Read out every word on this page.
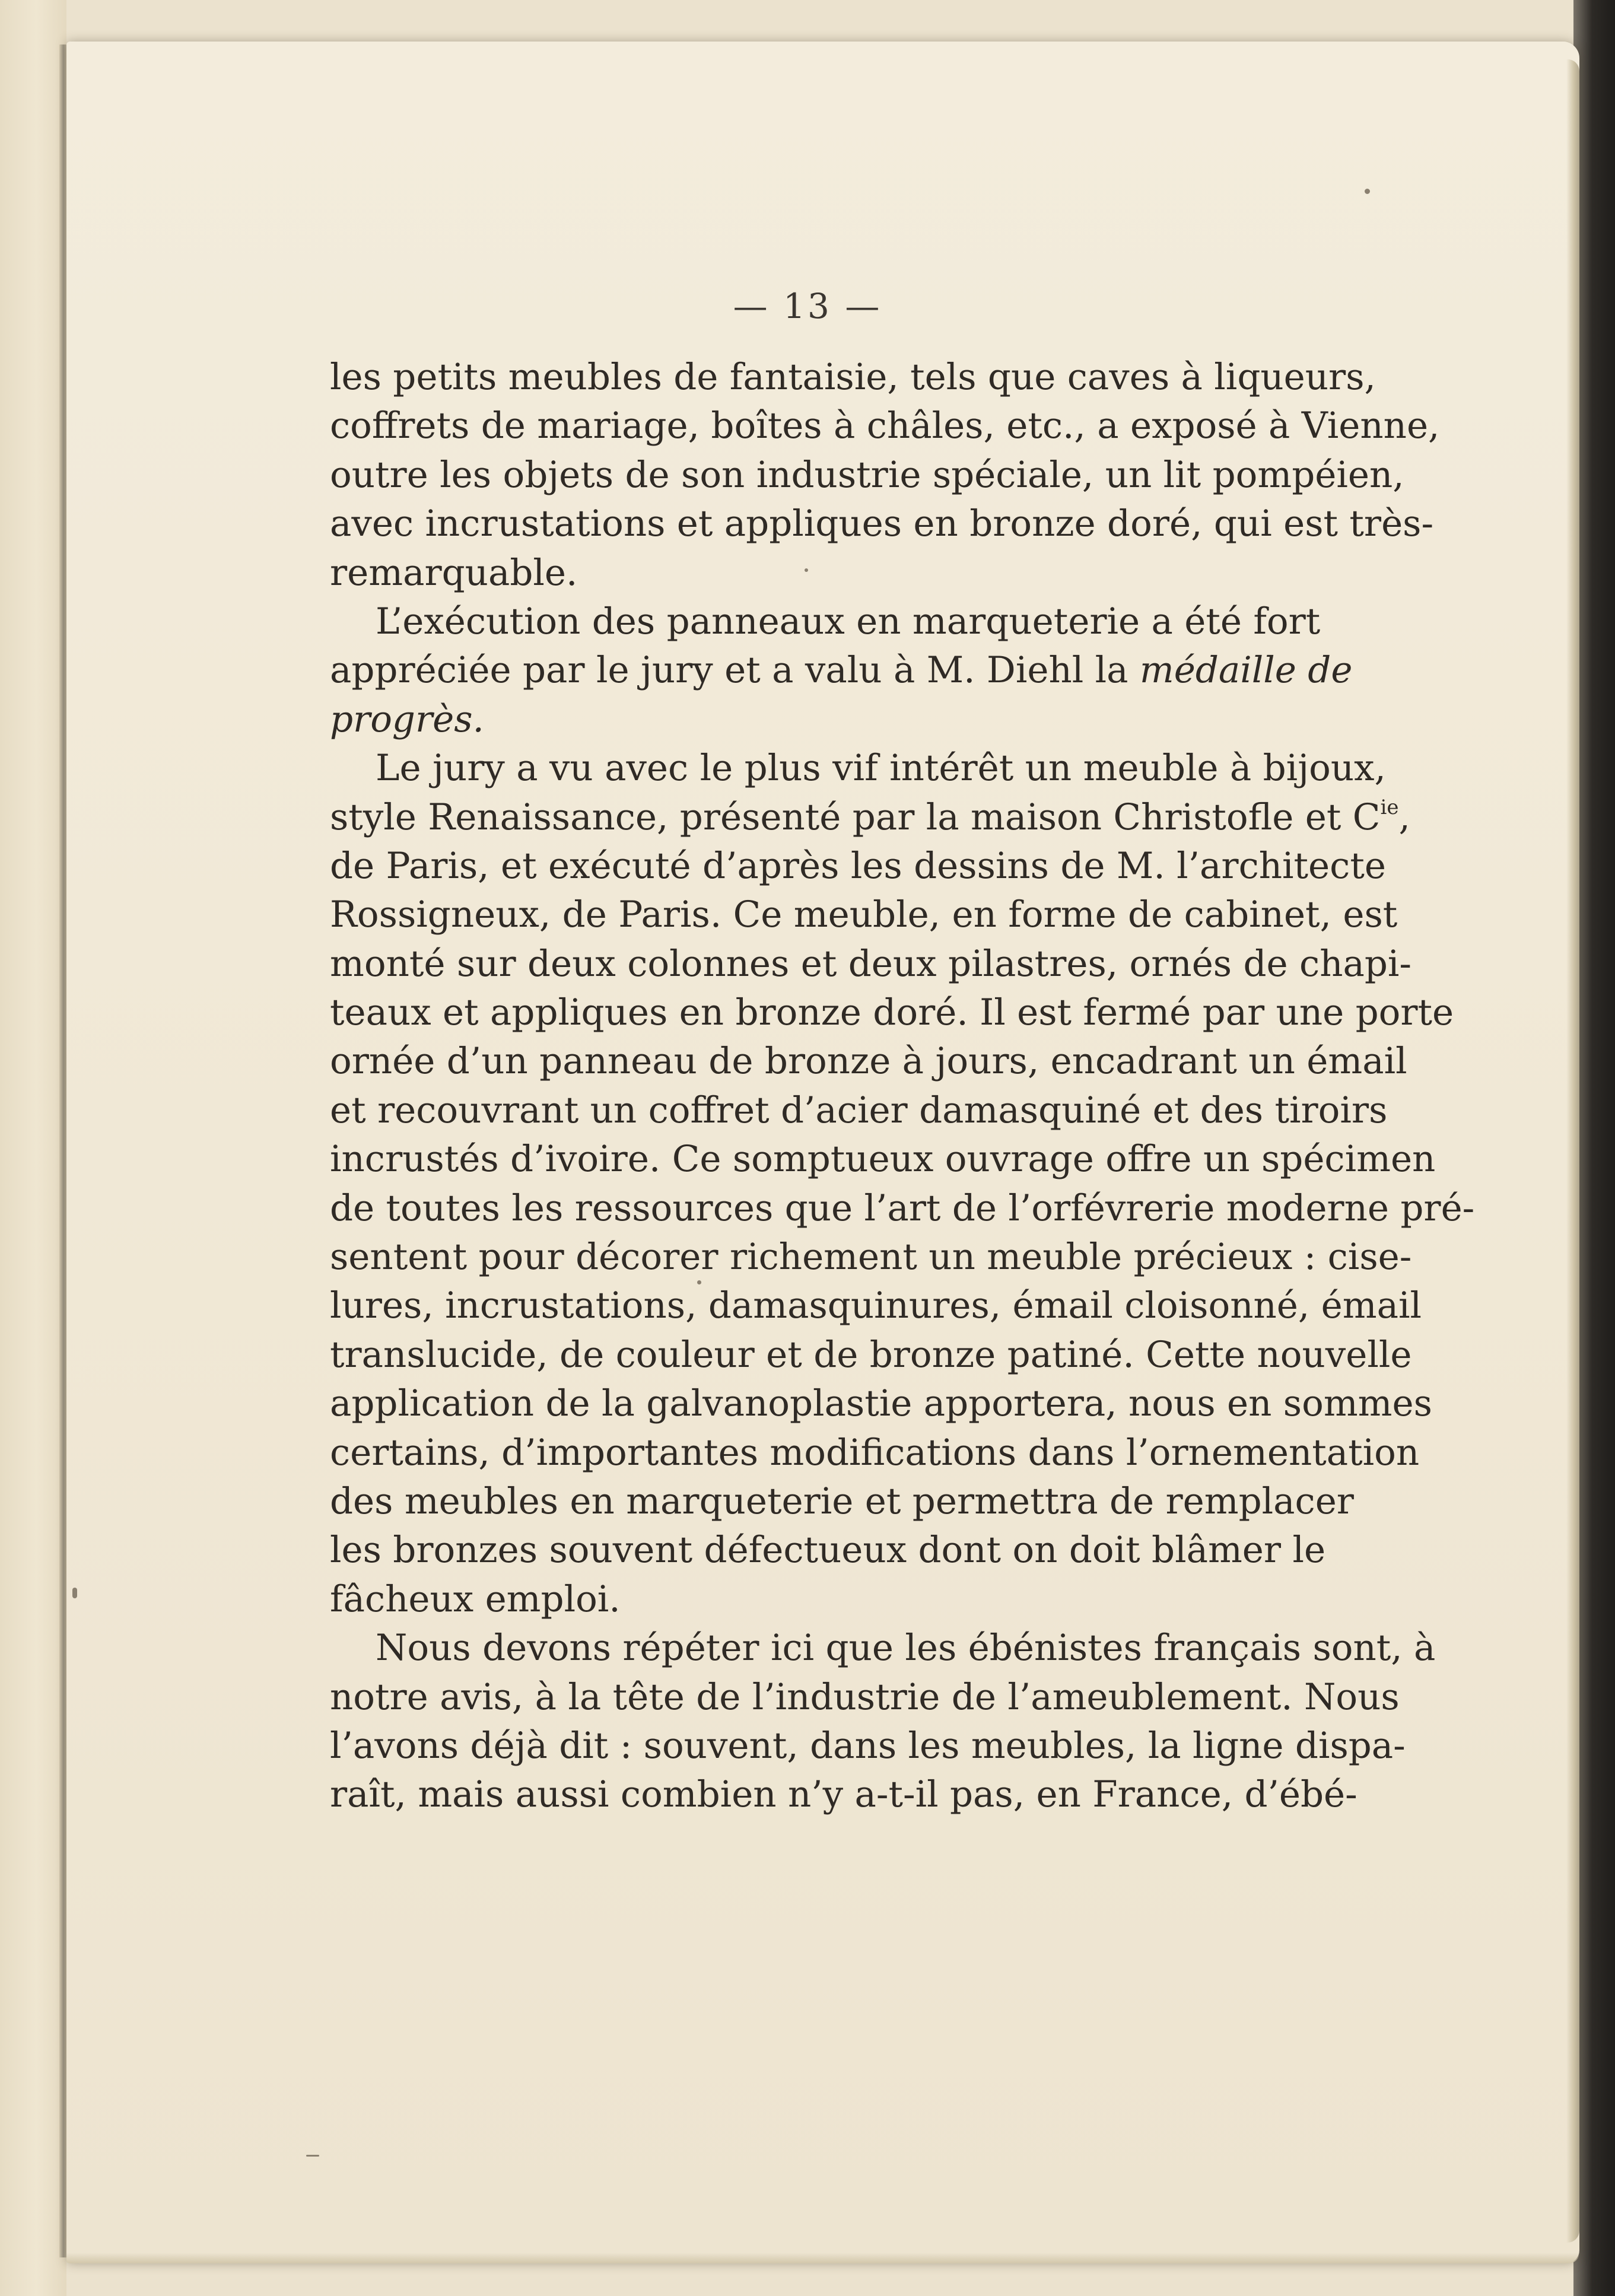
— 13 —
les petits meubles de fantaisie, tels que caves à liqueurs,
coffrets de mariage, boîtes à châles, etc., a exposé à Vienne,
outre les objets de son industrie spéciale, un lit pompéien,
avec incrustations et appliques en bronze doré, qui est très-
remarquable.
L’exécution des panneaux en marqueterie a été fort
appréciée par le jury et a valu à M. Diehl la médaille de
progrès.
Le jury a vu avec le plus vif intérêt un meuble à bijoux,
style Renaissance, présenté par la maison Christofle et $C^{ie}$,
de Paris, et exécuté d’après les dessins de M. l’architecte
Rossigneux, de Paris. Ce meuble, en forme de cabinet, est
monté sur deux colonnes et deux pilastres, ornés de chapi-
teaux et appliques en bronze doré. Il est fermé par une porte
ornée d’un panneau de bronze à jours, encadrant un émail
et recouvrant un coffret d’acier damasquiné et des tiroirs
incrustés d’ivoire. Ce somptueux ouvrage offre un spécimen
de toutes les ressources que l’art de l’orfévrerie moderne pré-
sentent pour décorer richement un meuble précieux : cise-
lures, incrustations, damasquinures, émail cloisonné, émail
translucide, de couleur et de bronze patiné. Cette nouvelle
application de la galvanoplastie apportera, nous en sommes
certains, d’importantes modifications dans l’ornementation
des meubles en marqueterie et permettra de remplacer
les bronzes souvent défectueux dont on doit blâmer le
fâcheux emploi.
Nous devons répéter ici que les ébénistes français sont, à
notre avis, à la tête de l’industrie de l’ameublement. Nous
l’avons déjà dit : souvent, dans les meubles, la ligne dispa-
raît, mais aussi combien n’y a-t-il pas, en France, d’ébé-
